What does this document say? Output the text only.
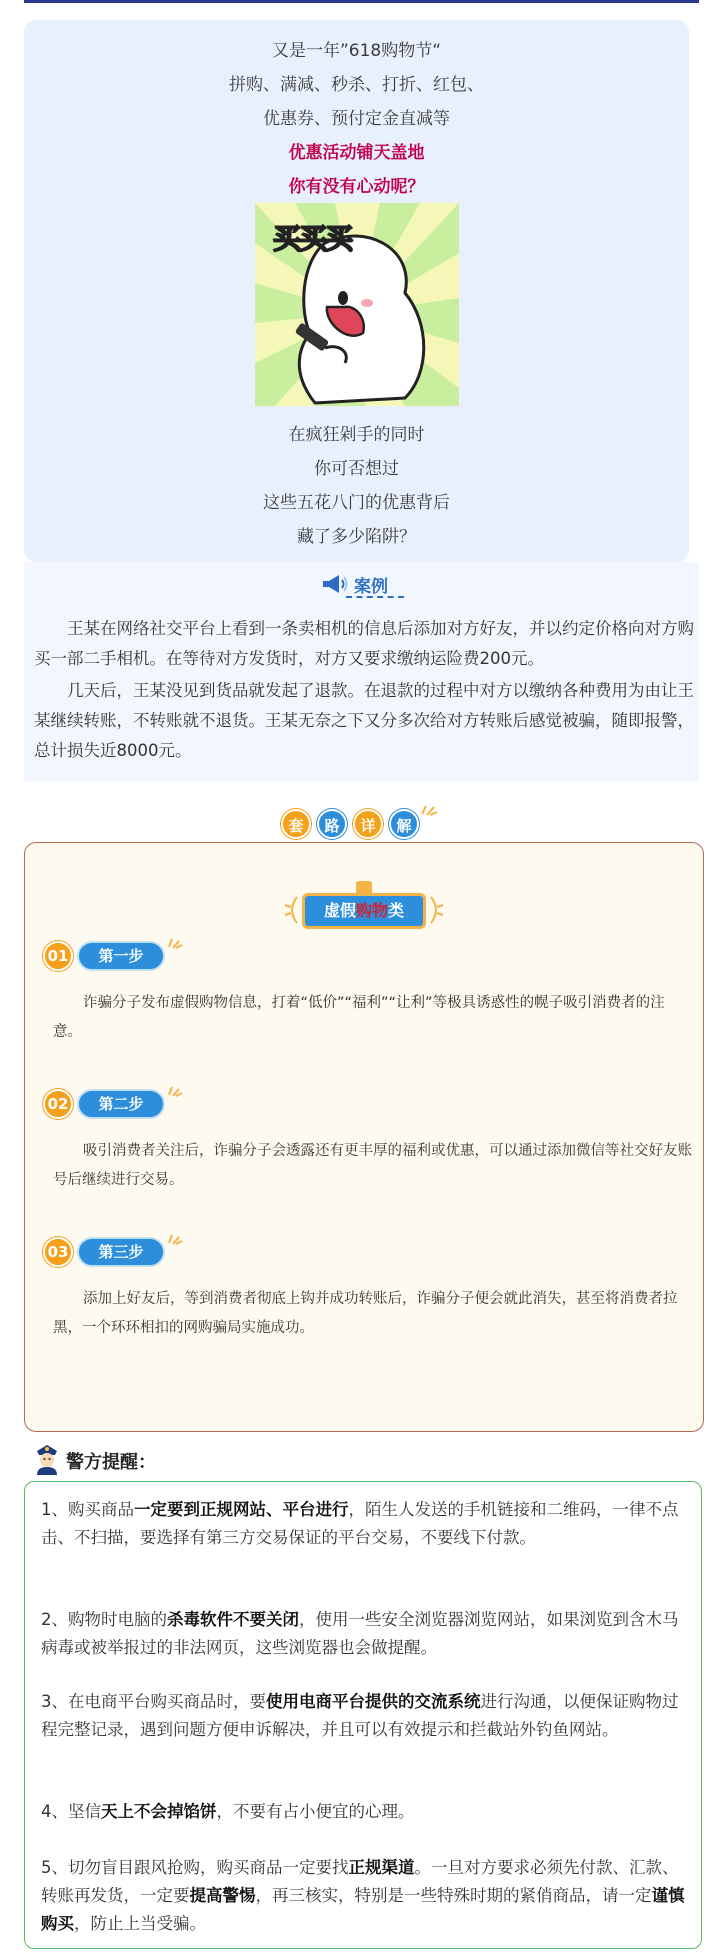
又是一年”618购物节“
拼购、满减、秒杀、打折、红包、
优惠券、预付定金直减等
优惠活动铺天盖地
你有没有心动呢？
买买买
在疯狂剁手的同时
你可否想过
这些五花八门的优惠背后
藏了多少陷阱？
案例
王某在网络社交平台上看到一条卖相机的信息后添加对方好友，并以约定价格向对方购买一部二手相机。在等待对方发货时，对方又要求缴纳运险费200元。
几天后，王某没见到货品就发起了退款。在退款的过程中对方以缴纳各种费用为由让王某继续转账，不转账就不退货。王某无奈之下又分多次给对方转账后感觉被骗，随即报警，总计损失近8000元。
套	路	详	解
虚假购物类
01	第一步
诈骗分子发布虚假购物信息，打着“低价”“福利”“让利”等极具诱惑性的幌子吸引消费者的注意。
02	第二步
吸引消费者关注后，诈骗分子会透露还有更丰厚的福利或优惠，可以通过添加微信等社交好友账号后继续进行交易。
03	第三步
添加上好友后，等到消费者彻底上钩并成功转账后，诈骗分子便会就此消失，甚至将消费者拉黑，一个环环相扣的网购骗局实施成功。
警方提醒：
1、购买商品一定要到正规网站、平台进行，陌生人发送的手机链接和二维码，一律不点击、不扫描，要选择有第三方交易保证的平台交易，不要线下付款。
2、购物时电脑的杀毒软件不要关闭，使用一些安全浏览器浏览网站，如果浏览到含木马病毒或被举报过的非法网页，这些浏览器也会做提醒。
3、在电商平台购买商品时，要使用电商平台提供的交流系统进行沟通，以便保证购物过程完整记录，遇到问题方便申诉解决，并且可以有效提示和拦截站外钓鱼网站。
4、坚信天上不会掉馅饼，不要有占小便宜的心理。
5、切勿盲目跟风抢购，购买商品一定要找正规渠道。一旦对方要求必须先付款、汇款、转账再发货，一定要提高警惕，再三核实，特别是一些特殊时期的紧俏商品，请一定谨慎购买，防止上当受骗。
